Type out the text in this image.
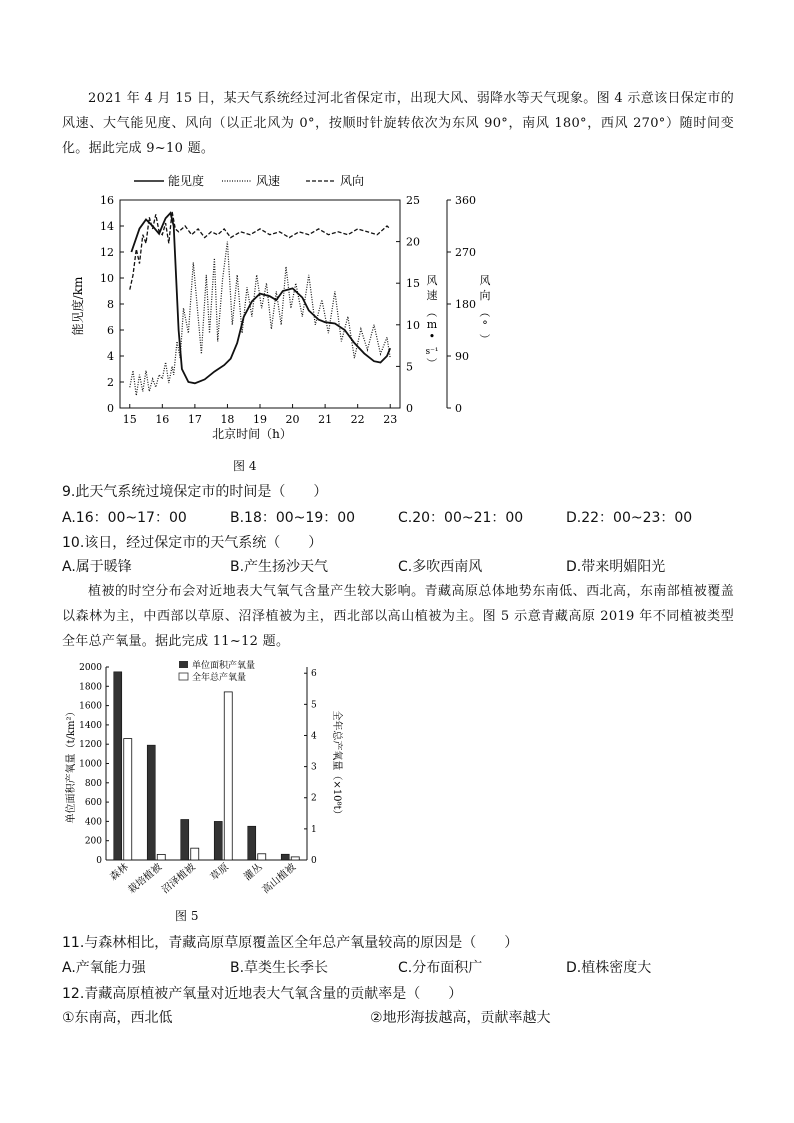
2021 年 4 月 15 日，某天气系统经过河北省保定市，出现大风、弱降水等天气现象。图 4 示意该日保定市的风速、大气能见度、风向（以正北风为 0°，按顺时针旋转依次为东风 90°，南风 180°，西风 270°）随时间变化。据此完成 9~10 题。
15 16 17 18 19 20 21 22 23
0
2
4
6
8
10
12
14
16
0
5
10
15
20
25
0
90
180
270
360
能见度	风速	风向
能见度/km
北京时间（h）
风
速
（
m
•
s⁻¹
）
风
向
（
°
）
图 4
9.此天气系统过境保定市的时间是（　　）
A.16：00~17：00	B.18：00~19：00	C.20：00~21：00	D.22：00~23：00
10.该日，经过保定市的天气系统（　　）
A.属于暖锋	B.产生扬沙天气	C.多吹西南风	D.带来明媚阳光
植被的时空分布会对近地表大气氧气含量产生较大影响。青藏高原总体地势东南低、西北高，东南部植被覆盖以森林为主，中西部以草原、沼泽植被为主，西北部以高山植被为主。图 5 示意青藏高原 2019 年不同植被类型全年总产氧量。据此完成 11~12 题。
0
200
400
600
800
1000
1200
1400
1600
1800
2000
0
1
2
3
4
5
6
森林
栽培植被
沼泽植被 草原 灌丛
高山植被
单位面积产氧量
全年总产氧量
单位面积产氧量（t/km²）	全年总产氧量（×10⁸t）
图 5
11.与森林相比，青藏高原草原覆盖区全年总产氧量较高的原因是（　　）
A.产氧能力强	B.草类生长季长	C.分布面积广	D.植株密度大
12.青藏高原植被产氧量对近地表大气氧含量的贡献率是（　　）
①东南高，西北低	②地形海拔越高，贡献率越大
